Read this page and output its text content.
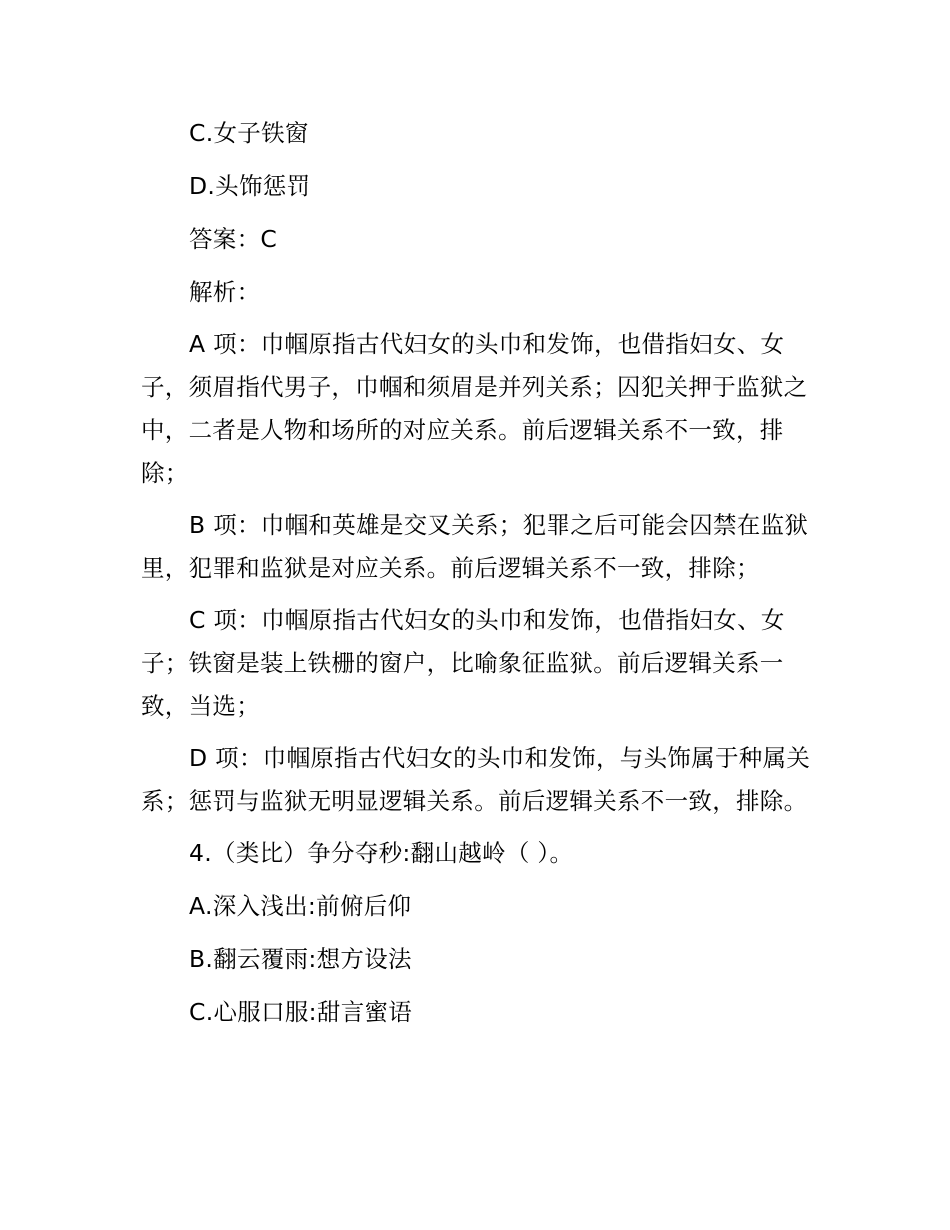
C.女子铁窗

D.头饰惩罚

答案：C

解析：

A 项：巾帼原指古代妇女的头巾和发饰，也借指妇女、女子，须眉指代男子，巾帼和须眉是并列关系；囚犯关押于监狱之中，二者是人物和场所的对应关系。前后逻辑关系不一致，排除；

B 项：巾帼和英雄是交叉关系；犯罪之后可能会囚禁在监狱里，犯罪和监狱是对应关系。前后逻辑关系不一致，排除；

C 项：巾帼原指古代妇女的头巾和发饰，也借指妇女、女子；铁窗是装上铁栅的窗户，比喻象征监狱。前后逻辑关系一致，当选；

D 项：巾帼原指古代妇女的头巾和发饰，与头饰属于种属关系；惩罚与监狱无明显逻辑关系。前后逻辑关系不一致，排除。

4.（类比）争分夺秒:翻山越岭（ ）。

A.深入浅出:前俯后仰

B.翻云覆雨:想方设法

C.心服口服:甜言蜜语
